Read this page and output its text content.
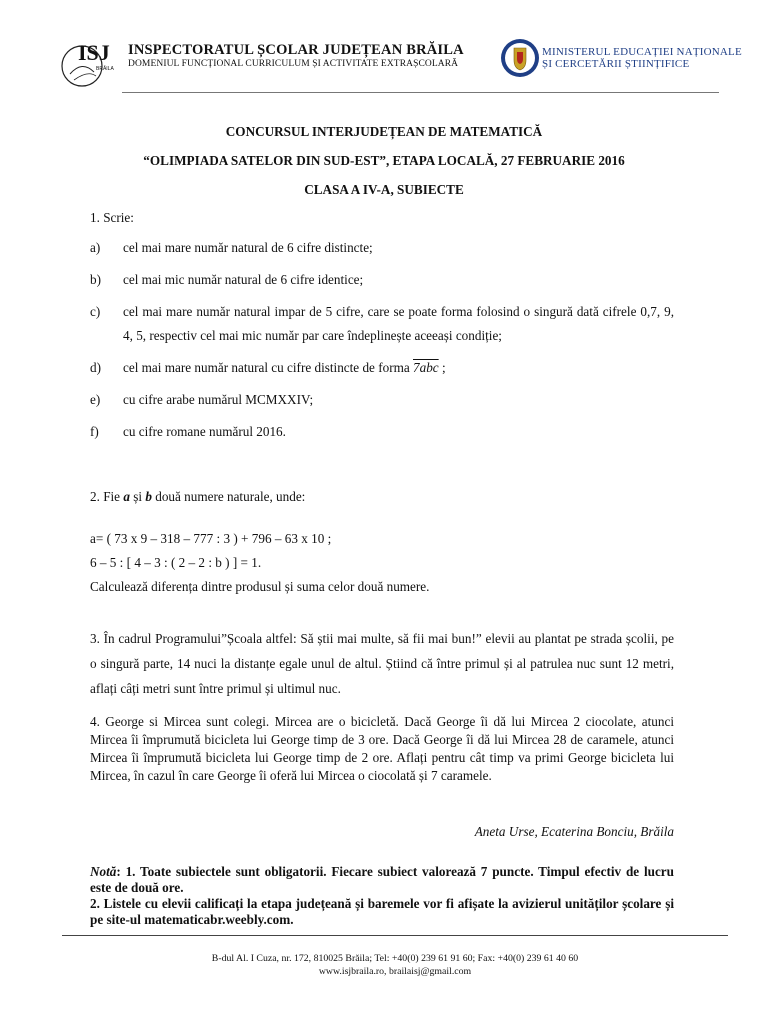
ISJ
BRĂILA
INSPECTORATUL ȘCOLAR JUDEȚEAN BRĂILA
DOMENIUL FUNCȚIONAL CURRICULUM ȘI ACTIVITATE EXTRAȘCOLARĂ
MINISTERUL EDUCAȚIEI NAȚIONALE
ȘI CERCETĂRII ȘTIINȚIFICE
CONCURSUL INTERJUDEȚEAN DE MATEMATICĂ
“OLIMPIADA SATELOR DIN SUD-EST”, ETAPA LOCALĂ, 27 FEBRUARIE 2016
CLASA A IV-A, SUBIECTE
1. Scrie:
a) cel mai mare număr natural de 6 cifre distincte;
b) cel mai mic număr natural de 6 cifre identice;
c) cel mai mare număr natural impar de 5 cifre, care se poate forma folosind o singură dată cifrele 0,7, 9, 4, 5, respectiv cel mai mic număr par care îndeplinește aceeași condiție;
d) cel mai mare număr natural cu cifre distincte de forma 7abc ;
e) cu cifre arabe numărul MCMXXIV;
f) cu cifre romane numărul 2016.
2. Fie a și b două numere naturale, unde:
a= ( 73 x 9 – 318 – 777 : 3 ) + 796 – 63 x 10 ;
6 – 5 : [ 4 – 3 : ( 2 – 2 : b ) ] = 1.
Calculează diferența dintre produsul și suma celor două numere.
3. În cadrul Programului”Școala altfel: Să știi mai multe, să fii mai bun!” elevii au plantat pe strada școlii, pe o singură parte, 14 nuci la distanțe egale unul de altul. Știind că între primul și al patrulea nuc sunt 12 metri, aflați câți metri sunt între primul și ultimul nuc.
4. George si Mircea sunt colegi. Mircea are o bicicletă. Dacă George îi dă lui Mircea 2 ciocolate, atunci Mircea îi împrumută bicicleta lui George timp de 3 ore. Dacă George îi dă lui Mircea 28 de caramele, atunci Mircea îi împrumută bicicleta lui George timp de 2 ore. Aflați pentru cât timp va primi George bicicleta lui Mircea, în cazul în care George îi oferă lui Mircea o ciocolată și 7 caramele.
Aneta Urse, Ecaterina Bonciu, Brăila
Notă: 1. Toate subiectele sunt obligatorii. Fiecare subiect valorează 7 puncte. Timpul efectiv de lucru este de două ore.
2. Listele cu elevii calificați la etapa județeană și baremele vor fi afișate la avizierul unităților școlare și pe site-ul matematicabr.weebly.com.
B-dul Al. I Cuza, nr. 172, 810025 Brăila; Tel: +40(0) 239 61 91 60; Fax: +40(0) 239 61 40 60
www.isjbraila.ro, brailaisj@gmail.com
